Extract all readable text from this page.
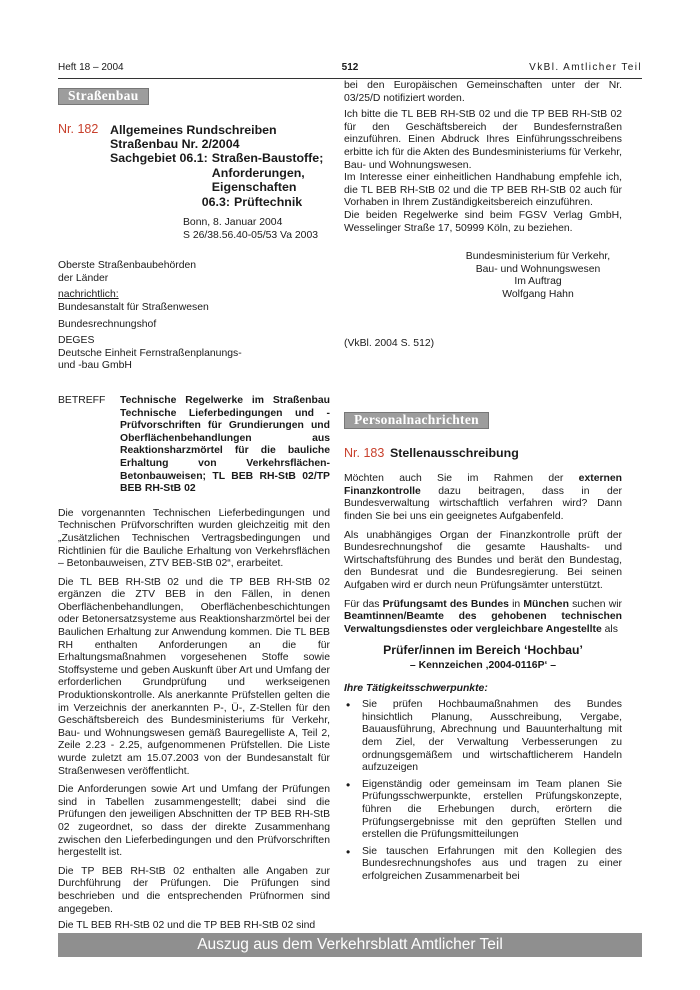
Heft 18 – 2004	512	VkBl. Amtlicher Teil
Straßenbau
Nr. 182 Allgemeines Rundschreiben
Straßenbau Nr. 2/2004
Sachgebiet 06.1: Straßen-Baustoffe;
Anforderungen,
Eigenschaften
06.3: Prüftechnik
Bonn, 8. Januar 2004
S 26/38.56.40-05/53 Va 2003
Oberste Straßenbaubehörden
der Länder
nachrichtlich:
Bundesanstalt für Straßenwesen
Bundesrechnungshof
DEGES
Deutsche Einheit Fernstraßenplanungs-
und -bau GmbH
BETREFF	Technische Regelwerke im Straßenbau Technische Lieferbedingungen und -Prüfvorschriften für Grundierungen und Oberflächenbehandlungen aus Reaktionsharzmörtel für die bauliche Erhaltung von Verkehrsflächen-Betonbauweisen; TL BEB RH-StB 02/TP BEB RH-StB 02

Die vorgenannten Technischen Lieferbedingungen und Technischen Prüfvorschriften wurden gleichzeitig mit den „Zusätzlichen Technischen Vertragsbedingungen und Richtlinien für die Bauliche Erhaltung von Verkehrsflächen – Betonbauweisen, ZTV BEB-StB 02“, erarbeitet.

Die TL BEB RH-StB 02 und die TP BEB RH-StB 02 ergänzen die ZTV BEB in den Fällen, in denen Oberflächenbehandlungen, Oberflächenbeschichtungen oder Betonersatzsysteme aus Reaktionsharzmörtel bei der Baulichen Erhaltung zur Anwendung kommen. Die TL BEB RH enthalten Anforderungen an die für Erhaltungsmaßnahmen vorgesehenen Stoffe sowie Stoffsysteme und geben Auskunft über Art und Umfang der erforderlichen Grundprüfung und werkseigenen Produktionskontrolle. Als anerkannte Prüfstellen gelten die im Verzeichnis der anerkannten P-, Ü-, Z-Stellen für den Geschäftsbereich des Bundesministeriums für Verkehr, Bau- und Wohnungswesen gemäß Bauregelliste A, Teil 2, Zeile 2.23 - 2.25, aufgenommenen Prüfstellen. Die Liste wurde zuletzt am 15.07.2003 von der Bundesanstalt für Straßenwesen veröffentlicht.

Die Anforderungen sowie Art und Umfang der Prüfungen sind in Tabellen zusammengestellt; dabei sind die Prüfungen den jeweiligen Abschnitten der TP BEB RH-StB 02 zugeordnet, so dass der direkte Zusammenhang zwischen den Lieferbedingungen und den Prüfvorschriften hergestellt ist.

Die TP BEB RH-StB 02 enthalten alle Angaben zur Durchführung der Prüfungen. Die Prüfungen sind beschrieben und die entsprechenden Prüfnormen sind angegeben.

Die TL BEB RH-StB 02 und die TP BEB RH-StB 02 sind

bei den Europäischen Gemeinschaften unter der Nr. 03/25/D notifiziert worden.

Ich bitte die TL BEB RH-StB 02 und die TP BEB RH-StB 02 für den Geschäftsbereich der Bundesfernstraßen einzuführen. Einen Abdruck Ihres Einführungsschreibens erbitte ich für die Akten des Bundesministeriums für Verkehr, Bau- und Wohnungswesen.

Im Interesse einer einheitlichen Handhabung empfehle ich, die TL BEB RH-StB 02 und die TP BEB RH-StB 02 auch für Vorhaben in Ihrem Zuständigkeitsbereich einzuführen.

Die beiden Regelwerke sind beim FGSV Verlag GmbH, Wesselinger Straße 17, 50999 Köln, zu beziehen.

Bundesministerium für Verkehr,
Bau- und Wohnungswesen
Im Auftrag
Wolfgang Hahn
(VkBl. 2004 S. 512)
Personalnachrichten
Nr. 183 Stellenausschreibung

Möchten auch Sie im Rahmen der externen Finanzkontrolle dazu beitragen, dass in der Bundesverwaltung wirtschaftlich verfahren wird? Dann finden Sie bei uns ein geeignetes Aufgabenfeld.

Als unabhängiges Organ der Finanzkontrolle prüft der Bundesrechnungshof die gesamte Haushalts- und Wirtschaftsführung des Bundes und berät den Bundestag, den Bundesrat und die Bundesregierung. Bei seinen Aufgaben wird er durch neun Prüfungsämter unterstützt.

Für das Prüfungsamt des Bundes in München suchen wir Beamtinnen/Beamte des gehobenen technischen Verwaltungsdienstes oder vergleichbare Angestellte als

Prüfer/innen im Bereich ‘Hochbau’
– Kennzeichen ‚2004-0116P‘ –
Ihre Tätigkeitsschwerpunkte:
• Sie prüfen Hochbaumaßnahmen des Bundes hinsichtlich Planung, Ausschreibung, Vergabe, Bauausführung, Abrechnung und Bauunterhaltung mit dem Ziel, der Verwaltung Verbesserungen zu ordnungsgemäßem und wirtschaftlicherem Handeln aufzuzeigen
• Eigenständig oder gemeinsam im Team planen Sie Prüfungsschwerpunkte, erstellen Prüfungskonzepte, führen die Erhebungen durch, erörtern die Prüfungsergebnisse mit den geprüften Stellen und erstellen die Prüfungsmitteilungen
• Sie tauschen Erfahrungen mit den Kollegien des Bundesrechnungshofes aus und tragen zu einer erfolgreichen Zusammenarbeit bei
Auszug aus dem Verkehrsblatt Amtlicher Teil
